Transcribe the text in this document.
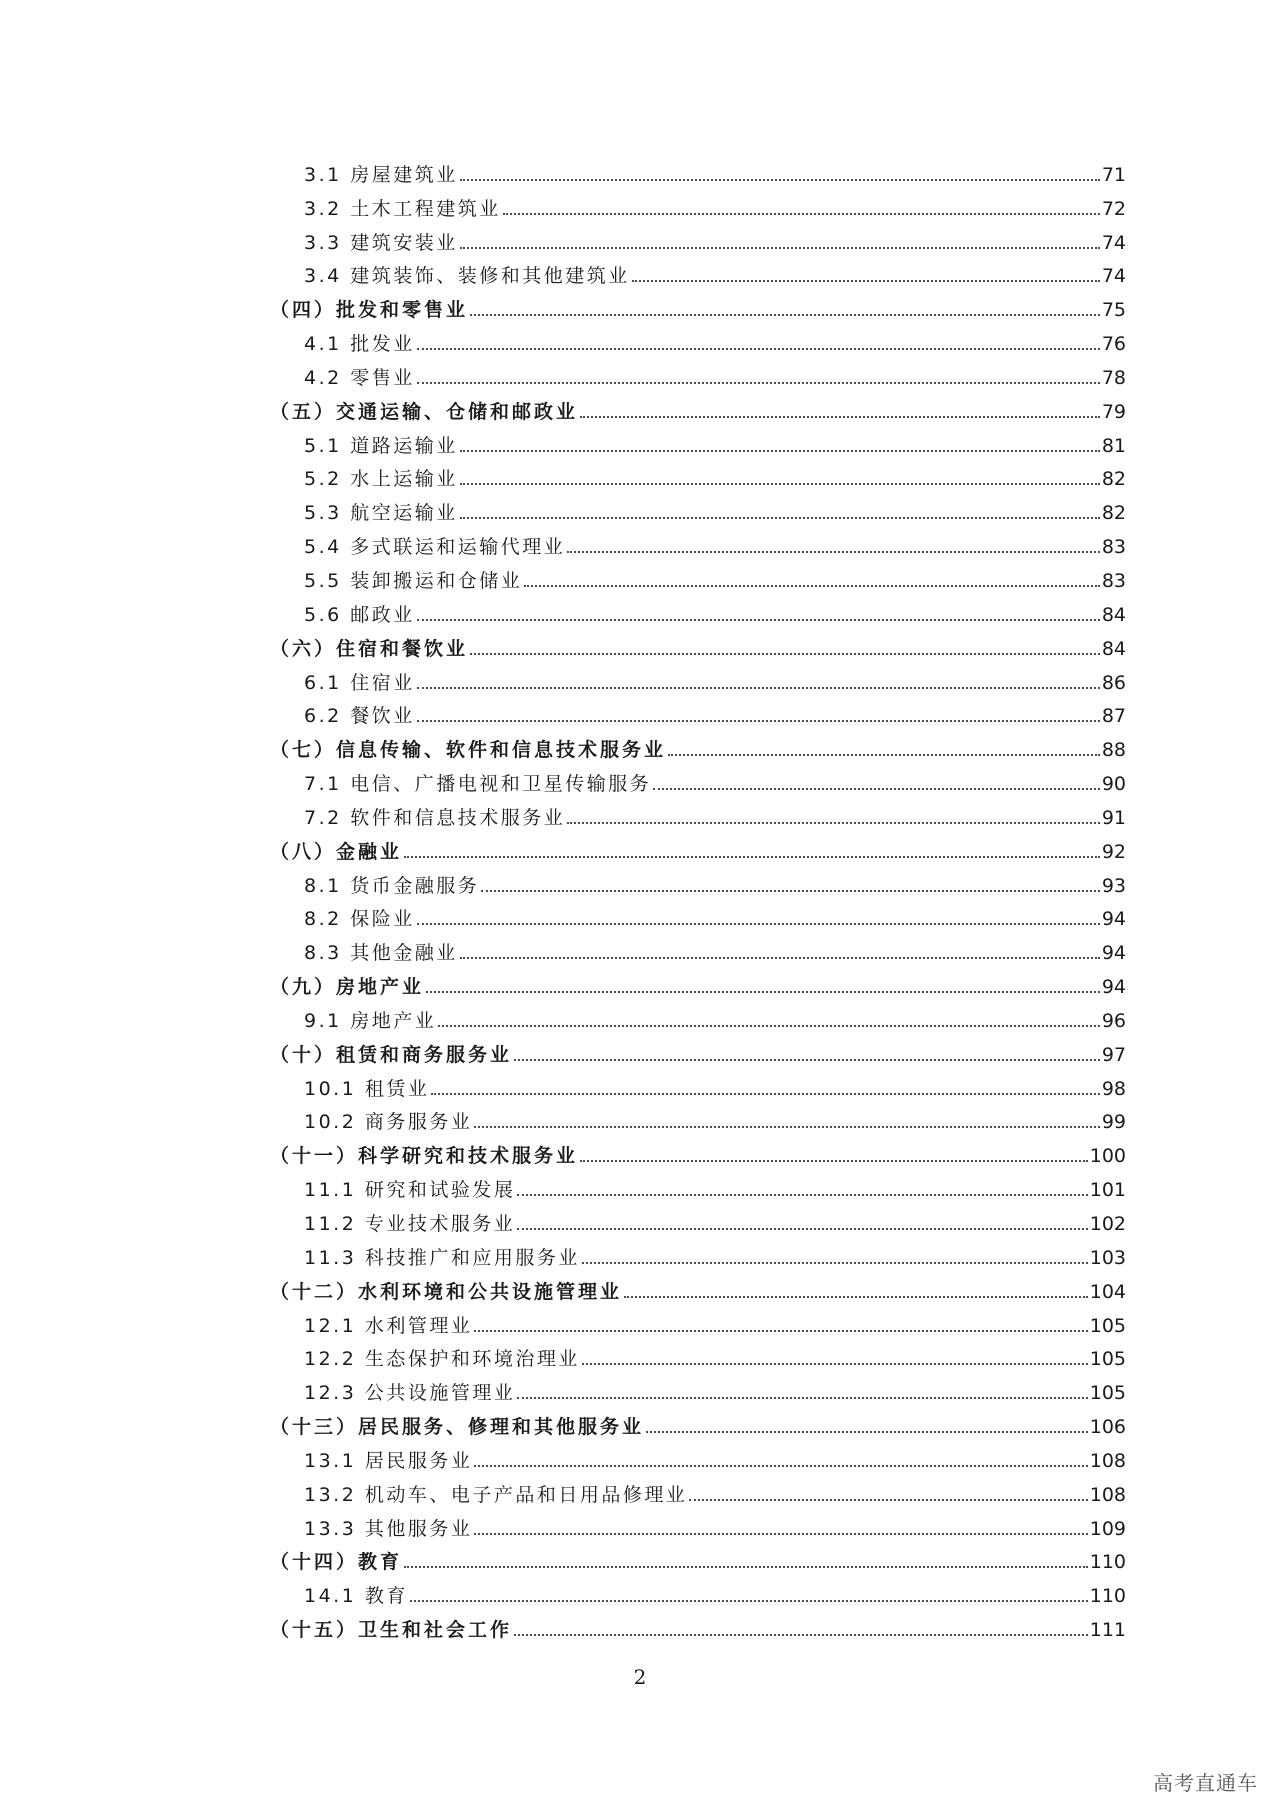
3.1 房屋建筑业	71
3.2 土木工程建筑业	72
3.3 建筑安装业	74
3.4 建筑装饰、装修和其他建筑业	74
（四）批发和零售业	75
4.1 批发业	76
4.2 零售业	78
（五）交通运输、仓储和邮政业	79
5.1 道路运输业	81
5.2 水上运输业	82
5.3 航空运输业	82
5.4 多式联运和运输代理业	83
5.5 装卸搬运和仓储业	83
5.6 邮政业	84
（六）住宿和餐饮业	84
6.1 住宿业	86
6.2 餐饮业	87
（七）信息传输、软件和信息技术服务业	88
7.1 电信、广播电视和卫星传输服务	90
7.2 软件和信息技术服务业	91
（八）金融业	92
8.1 货币金融服务	93
8.2 保险业	94
8.3 其他金融业	94
（九）房地产业	94
9.1 房地产业	96
（十）租赁和商务服务业	97
10.1 租赁业	98
10.2 商务服务业	99
（十一）科学研究和技术服务业	100
11.1 研究和试验发展	101
11.2 专业技术服务业	102
11.3 科技推广和应用服务业	103
（十二）水利环境和公共设施管理业	104
12.1 水利管理业	105
12.2 生态保护和环境治理业	105
12.3 公共设施管理业	105
（十三）居民服务、修理和其他服务业	106
13.1 居民服务业	108
13.2 机动车、电子产品和日用品修理业	108
13.3 其他服务业	109
（十四）教育	110
14.1 教育	110
（十五）卫生和社会工作	111
2
高考直通车
